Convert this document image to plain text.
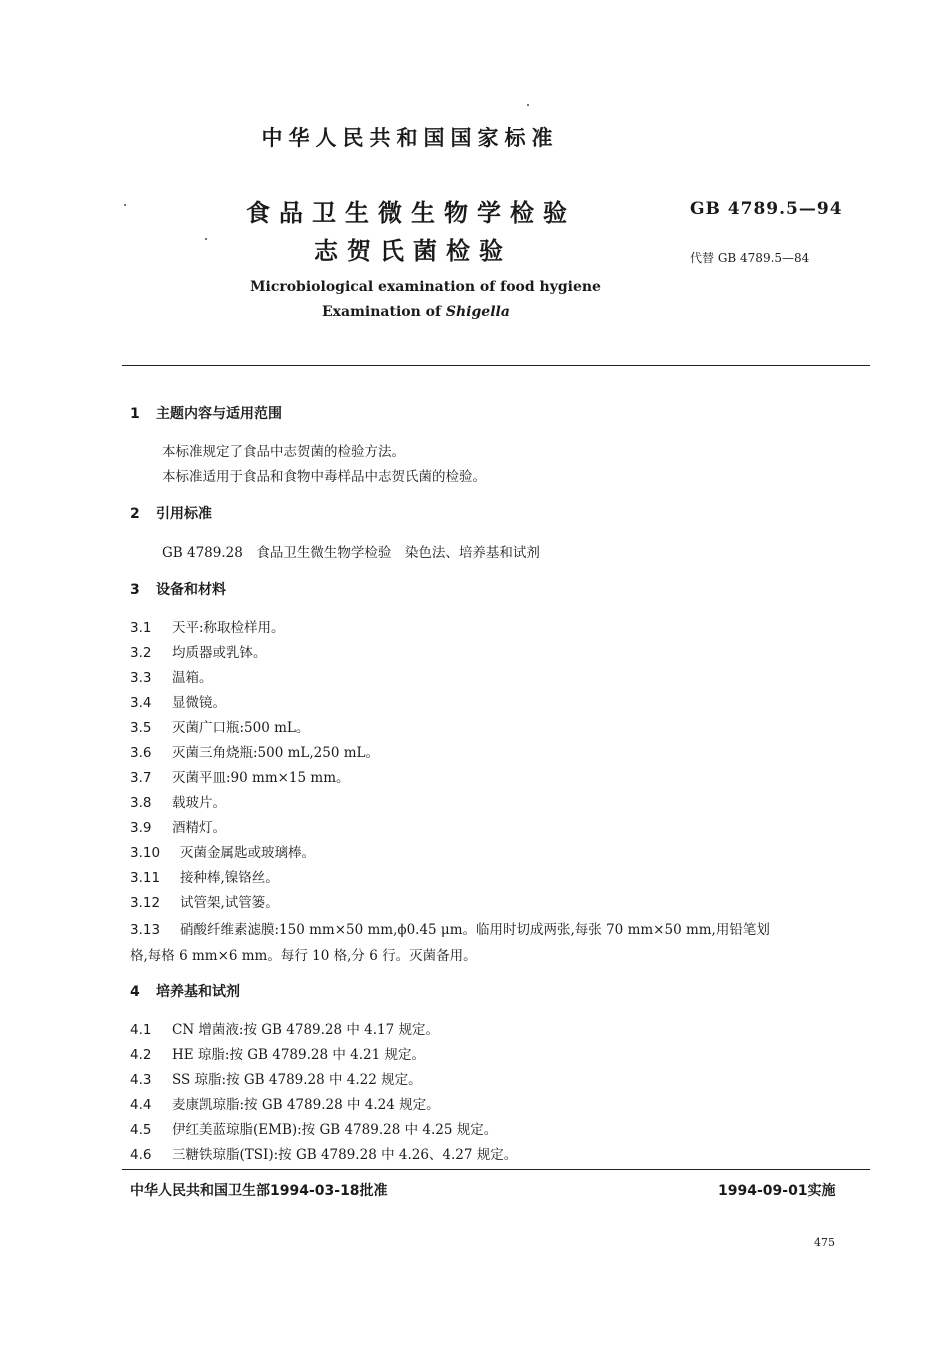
中华人民共和国国家标准
食品卫生微生物学检验
志贺氏菌检验
GB 4789.5—94
代替 GB 4789.5—84
Microbiological examination of food hygiene
Examination of Shigella
1 主题内容与适用范围
本标准规定了食品中志贺菌的检验方法。
本标准适用于食品和食物中毒样品中志贺氏菌的检验。
2 引用标准
GB 4789.28　食品卫生微生物学检验　染色法、培养基和试剂
3 设备和材料
3.1 天平:称取检样用。
3.2 均质器或乳钵。
3.3 温箱。
3.4 显微镜。
3.5 灭菌广口瓶:500 mL。
3.6 灭菌三角烧瓶:500 mL,250 mL。
3.7 灭菌平皿:90 mm×15 mm。
3.8 载玻片。
3.9 酒精灯。
3.10 灭菌金属匙或玻璃棒。
3.11 接种棒,镍铬丝。
3.12 试管架,试管篓。
3.13 硝酸纤维素滤膜:150 mm×50 mm,ϕ0.45 μm。临用时切成两张,每张 70 mm×50 mm,用铅笔划
格,每格 6 mm×6 mm。每行 10 格,分 6 行。灭菌备用。
4 培养基和试剂
4.1 CN 增菌液:按 GB 4789.28 中 4.17 规定。
4.2 HE 琼脂:按 GB 4789.28 中 4.21 规定。
4.3 SS 琼脂:按 GB 4789.28 中 4.22 规定。
4.4 麦康凯琼脂:按 GB 4789.28 中 4.24 规定。
4.5 伊红美蓝琼脂(EMB):按 GB 4789.28 中 4.25 规定。
4.6 三糖铁琼脂(TSI):按 GB 4789.28 中 4.26、4.27 规定。
中华人民共和国卫生部1994-03-18批准	1994-09-01实施
475
